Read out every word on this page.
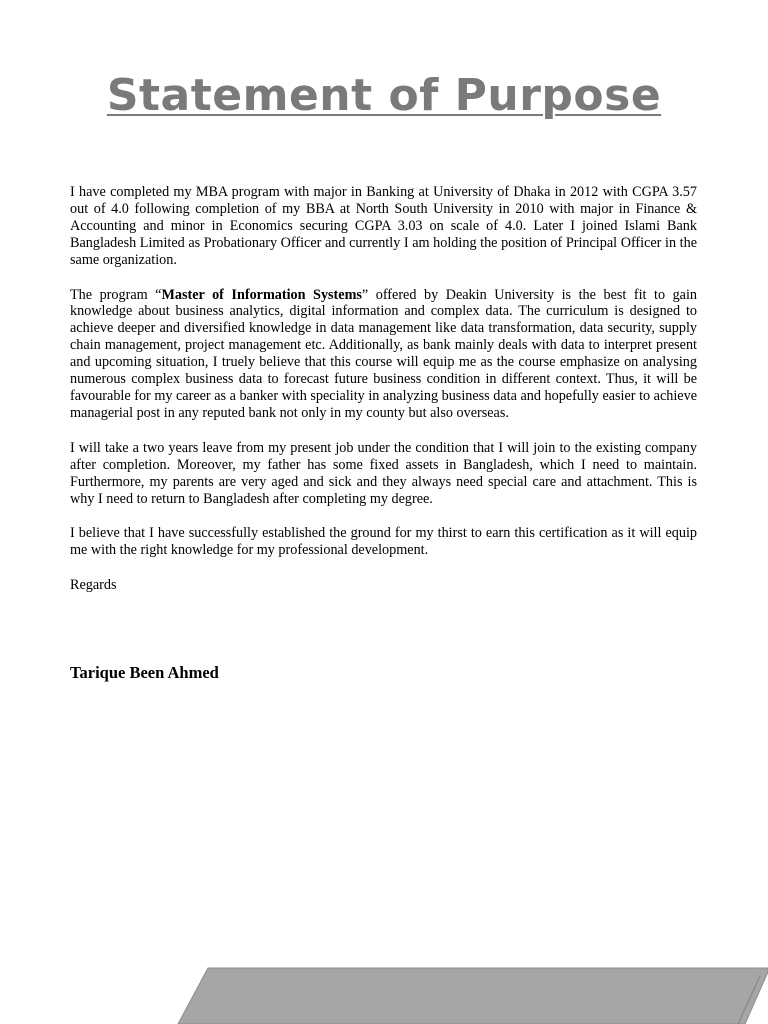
Statement of Purpose

I have completed my MBA program with major in Banking at University of Dhaka in 2012 with CGPA 3.57 out of 4.0 following completion of my BBA at North South University in 2010 with major in Finance & Accounting and minor in Economics securing CGPA 3.03 on scale of 4.0. Later I joined Islami Bank Bangladesh Limited as Probationary Officer and currently I am holding the position of Principal Officer in the same organization.

The program “Master of Information Systems” offered by Deakin University is the best fit to gain knowledge about business analytics, digital information and complex data. The curriculum is designed to achieve deeper and diversified knowledge in data management like data transformation, data security, supply chain management, project management etc. Additionally, as bank mainly deals with data to interpret present and upcoming situation, I truely believe that this course will equip me as the course emphasize on analysing numerous complex business data to forecast future business condition in different context. Thus, it will be favourable for my career as a banker with speciality in analyzing business data and hopefully easier to achieve managerial post in any reputed bank not only in my county but also overseas.

I will take a two years leave from my present job under the condition that I will join to the existing company after completion. Moreover, my father has some fixed assets in Bangladesh, which I need to maintain. Furthermore, my parents are very aged and sick and they always need special care and attachment. This is why I need to return to Bangladesh after completing my degree.

I believe that I have successfully established the ground for my thirst to earn this certification as it will equip me with the right knowledge for my professional development.

Regards

Tarique Been Ahmed
